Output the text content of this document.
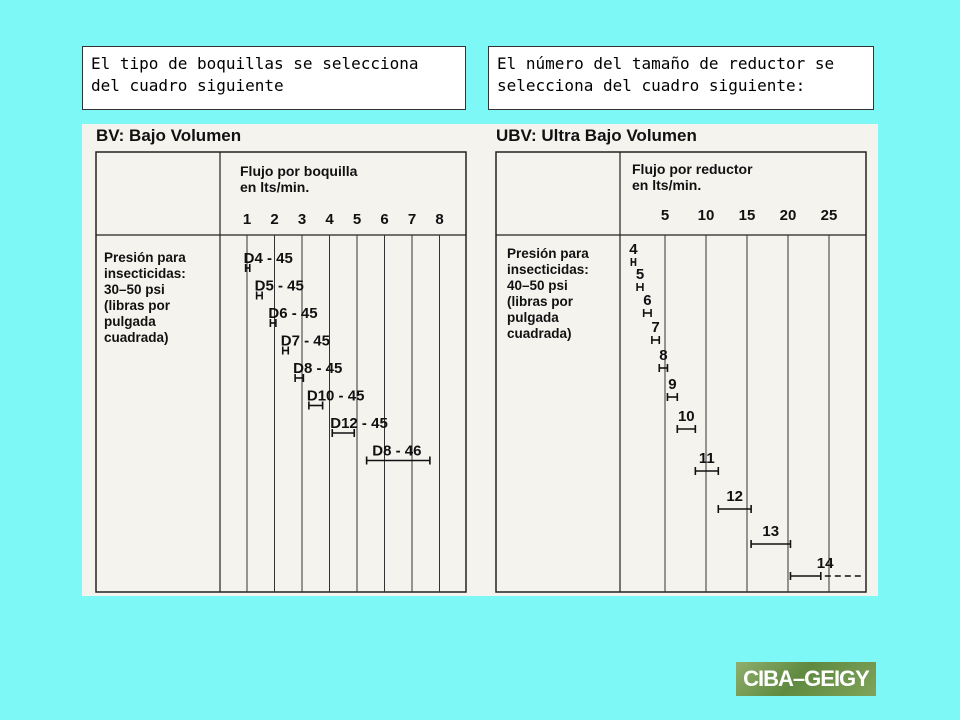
El tipo de boquillas se selecciona del cuadro siguiente
El número del tamaño de reductor se selecciona del cuadro siguiente:
BV: Bajo Volumen
Flujo por boquilla
en lts/min.
1 2 3 4 5 6 7 8
Presión para
insecticidas:
30–50 psi
(libras por
pulgada
cuadrada)
D4 - 45
D5 - 45
D6 - 45
D7 - 45
D8 - 45
D10 - 45
D12 - 45
D8 - 46
UBV: Ultra Bajo Volumen
Flujo por reductor
en lts/min.
5 10 15 20 25
Presión para
insecticidas:
40–50 psi
(libras por
pulgada
cuadrada)
4
5
6
7
8
9
10
11
12
13
14
CIBA–GEIGY
